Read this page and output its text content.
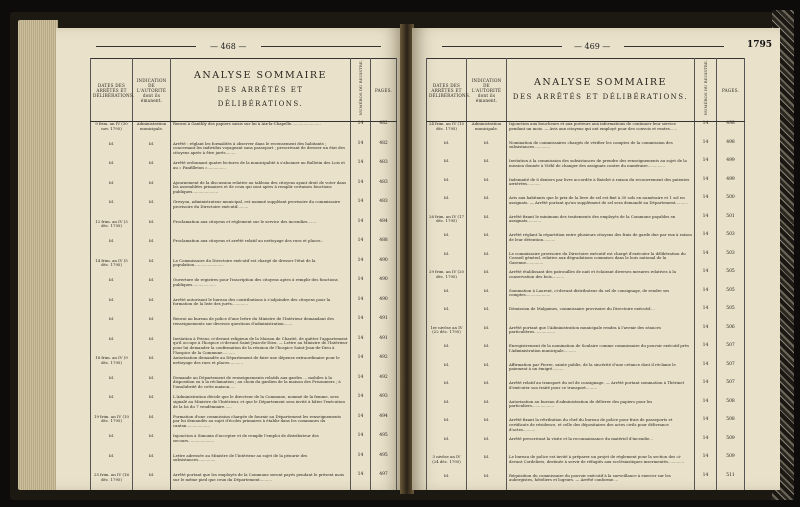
— 468 —
DATES DES ARRÊTÉS ET DÉLIBÉRATIONS.	INDICATION DE L'AUTORITÉ dont ils émanent.	ANALYSE SOMMAIRE
DES ARRÊTÉS ET DÉLIBÉRATIONS.	NUMÉROS DU REGISTRE.	PAGES.
9 frim. an IV (30 nov. 1795)	Administration municipale.	Renvoi à Ganthly des papiers saisis sur lui à Aix-la-Chapelle........................	14	482
Id.	Id.	Arrêté : réglant les formalités à observer dans le recensement des habitants ; concernant les individus voyageant sans passeport ; prescrivant de dresser un état des citoyens après à être jurés........	14	482
Id.	Id.	Arrêté ordonnant quatre lectures de la municipalité à s'abonner au Bulletin des Lois et au « Fanfilleton »...............	14	483
Id.	Id.	Ajournement de la discussion relative au tableau des citoyens ayant droit de voter dans les assemblées primaires et de ceux qui sont aptes à remplir certaines fonctions publiques.....................	14	483
Id.	Id.	Gresyon, administrateur municipal, est nommé suppléant provisoire du commissaire provisoire du Directoire exécutif.........	14	483
12 frim. an IV (3 déc. 1795)	Id.	Proclamation aux citoyens et règlement sur le service des incendies.......	14	484
Id.	Id.	Proclamation aux citoyens et arrêté relatif au nettoyage des rues et places..	14	488
14 frim. an IV (5 déc. 1795)	Id.	Le Commissaire du Directoire exécutif est chargé de dresser l'état de la population........................	14	490
Id.	Id.	Ouverture de registres pour l'inscription des citoyens aptes à remplir des fonctions publiques...................	14	490
Id.	Id.	Arrêté autorisant le bureau des contributions à s'adjoindre des citoyens pour la formation de la liste des jurés.............	14	490
Id.	Id.	Renvoi au bureau de police d'une lettre du Ministre de l'Intérieur demandant des renseignements sur diverses questions d'administration.......	14	491
Id.	Id.	Invitation à Prieur, ci-devant religieux de la Maison de Charité, de quitter l'appartement qu'il occupe à l'hospice ci-devant Saint-Jean-de-Dieu. — Lettre au Ministre de l'Intérieur pour lui demander la confirmation de la réunion de l'hospice Saint-Jean-de-Dieu à l'hospice de la Commune..........	14	491
18 frim. an IV (9 déc. 1795)	Id.	Autorisation demandée au Département de faire une dépense extraordinaire pour le nettoyage des rues et places...........	14	492
Id.	Id.	Demande au Département de renseignements relatifs aux gardes ... mobiles à la disposition ou à la réclamation ; au choix du gardien de la maison des Prisonniers ; à l'insalubrité de cette maison.....	14	492
Id.	Id.	L'Administration décide que le directeur de la Commune, nommé de la femme, sera signalé au Ministre de l'Intérieur, et que le Département sera invité à hâter l'exécution de la loi du 7 vendémiaire......	14	493
19 frim. an IV (10 déc. 1795)	Id.	Formation d'une commission chargée de fournir au Département les renseignements par lui demandés au sujet d'écoles primaires à établir dans les communes du canton...................	14	494
Id.	Id.	Injonction à Simonin d'accepter et de remplir l'emploi de distributeur des secours.....................	14	495
Id.	Id.	Lettre adressée au Ministre de l'Intérieur au sujet de la pénurie des subsistances..............	14	495
25 frim. an IV (16 déc. 1795)	Id.	Arrêté portant que les employés de la Commune seront payés pendant le présent mois sur le même pied que ceux du Département..........	14	497
— 469 —	1795
DATES DES ARRÊTÉS ET DÉLIBÉRATIONS.	INDICATION DE L'AUTORITÉ dont ils émanent.	ANALYSE SOMMAIRE
DES ARRÊTÉS ET DÉLIBÉRATIONS.	NUMÉROS DU REGISTRE.	PAGES.
24 frim. an IV (15 déc. 1795)	Administration municipale.	Injonction aux boucheurs et aux porteurs aux informations de continuer leur service pendant un mois. — Avis aux citoyens qui ont employé pour des convois et rentes......	14	498
Id.	Id.	Nomination de commissaires chargés de vérifier les comptes de la commission des subsistances.............	14	498
Id.	Id.	Invitation à la commission des subsistances de prendre des renseignements au sujet de la mission donnée à Viébl de changer des assignats contre du numéraire..............	14	499
Id.	Id.	Indemnité de 6 deniers par livre accordée à Batelet à raison du recouvrement des patentes arriérées...........	14	499
Id.	Id.	Avis aux habitants que le prix de la livre de sel est fixé à 30 sols en numéraire et 1 sol en assignats. — Arrêté portant qu'un supplément de sel sera demandé au Département..........	14	500
26 frim. an IV (17 déc. 1795)	Id.	Arrêté fixant le minimum des traitements des employés de la Commune payables en assignats...........	14	501
Id.	Id.	Arrêté réglant la répartition entre plusieurs citoyens des frais de garde due par eux à raison de leur détention..........	14	503
Id.	Id.	Le commissaire provisoire du Directoire exécutif est chargé d'exécuter la délibération du Conseil général, relative aux dégradations commises dans le bois national de la Garenne..............	14	503
29 frim. an IV (20 déc. 1795)	Id.	Arrêté établissant des patrouilles de nuit et éclairant diverses mesures relatives à la conservation des bois..........	14	505
Id.	Id.	Sommation à Laurent, ci-devant distributeur du sel de consignage, de rendre ses comptes....................	14	505
Id.	Id.	Démission de Malgaines, commissaire provisoire du Directoire exécutif....	14	505
1er nivôse an IV (22 déc. 1795)	Id.	Arrêté portant que l'Administration municipale rendra à l'avenir des séances particulières.................	14	506
Id.	Id.	Enregistrement de la nomination de Soulaire comme commissaire du pouvoir exécutif près l'Administration municipale..........	14	507
Id.	Id.	Affirmation par Pierre, sainte publie, de la sincérité d'une créance dont il réclame le paiement à un émigré.........	14	507
Id.	Id.	Arrêté relatif au transport du sel de consignage. — Arrêté portant sommation à Thérinet d'exécuter son traité pour ce transport.........	14	507
Id.	Id.	Autorisation au bureau d'administration de délivrer des papiers pour les particuliers..................	14	508
Id.	Id.	Arrêté fixant la rétribution du chef du bureau de police pour frais de passeports et certificats de résidence, et celle des dépositaires des actes civils pour délivrance d'actes..........	14	508
Id.	Id.	Arrêté prescrivant la visite et la reconnaissance du matériel d'incendie...	14	509
3 nivôse an IV (24 déc. 1795)	Id.	Le bureau de police est invité à préparer un projet de règlement pour la section des ci-devant Cordeliers, destinée à servir de réfugiés aux ecclésiastiques insermentés.............	14	509
Id.	Id.	Réquisition du commissaire du pouvoir exécutif à la surveillance à exercer sur les aubergistes, hôteliers et logeurs. — Arrêté conforme....	14	511
